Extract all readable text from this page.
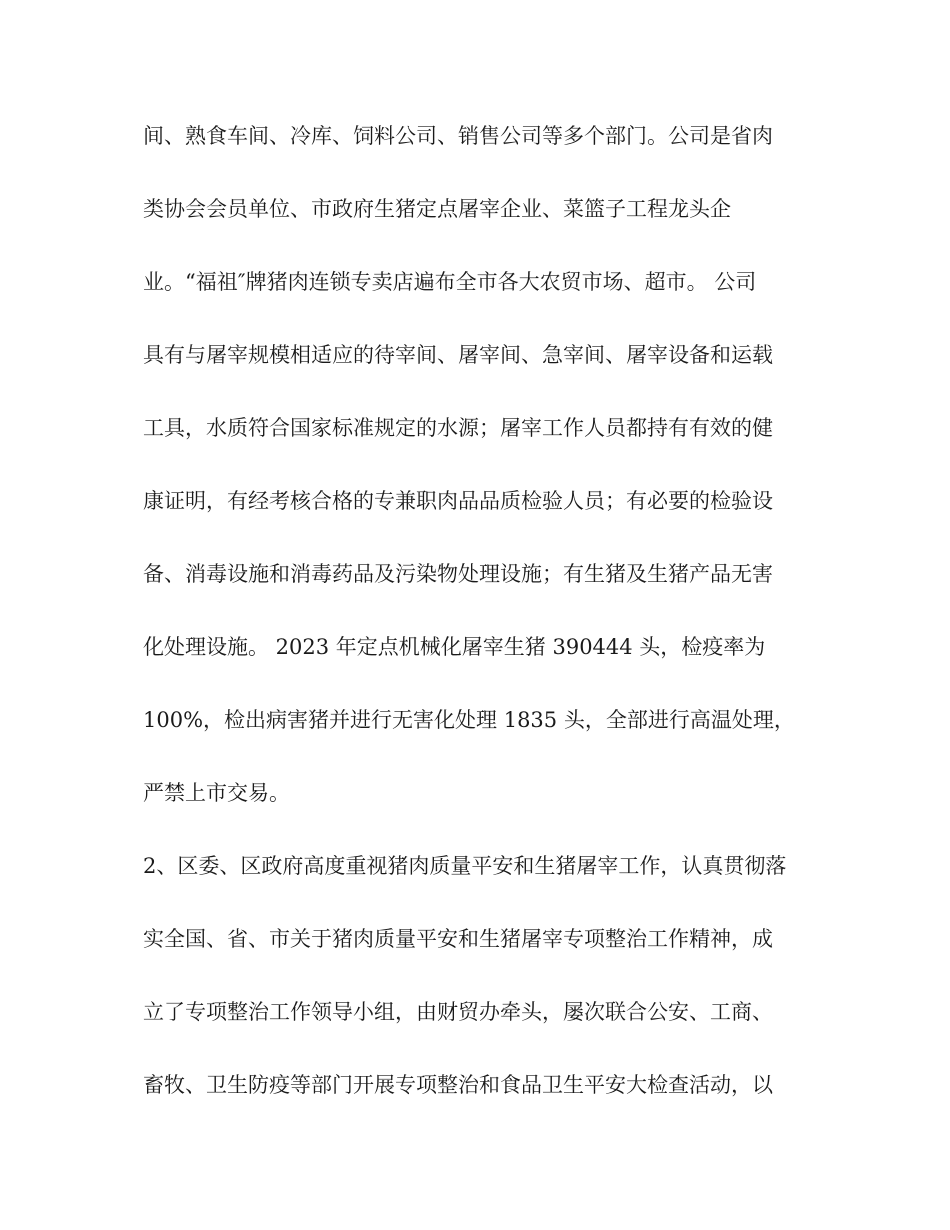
间、熟食车间、冷库、饲料公司、销售公司等多个部门。公司是省肉
类协会会员单位、市政府生猪定点屠宰企业、菜篮子工程龙头企
业。“福祖″牌猪肉连锁专卖店遍布全市各大农贸市场、超市。 公司
具有与屠宰规模相适应的待宰间、屠宰间、急宰间、屠宰设备和运载
工具，水质符合国家标准规定的水源；屠宰工作人员都持有有效的健
康证明，有经考核合格的专兼职肉品品质检验人员；有必要的检验设
备、消毒设施和消毒药品及污染物处理设施；有生猪及生猪产品无害
化处理设施。 2023 年定点机械化屠宰生猪 390444 头，检疫率为
100%，检出病害猪并进行无害化处理 1835 头，全部进行高温处理，
严禁上市交易。
2、区委、区政府高度重视猪肉质量平安和生猪屠宰工作，认真贯彻落
实全国、省、市关于猪肉质量平安和生猪屠宰专项整治工作精神，成
立了专项整治工作领导小组，由财贸办牵头，屡次联合公安、工商、
畜牧、卫生防疫等部门开展专项整治和食品卫生平安大检查活动，以
